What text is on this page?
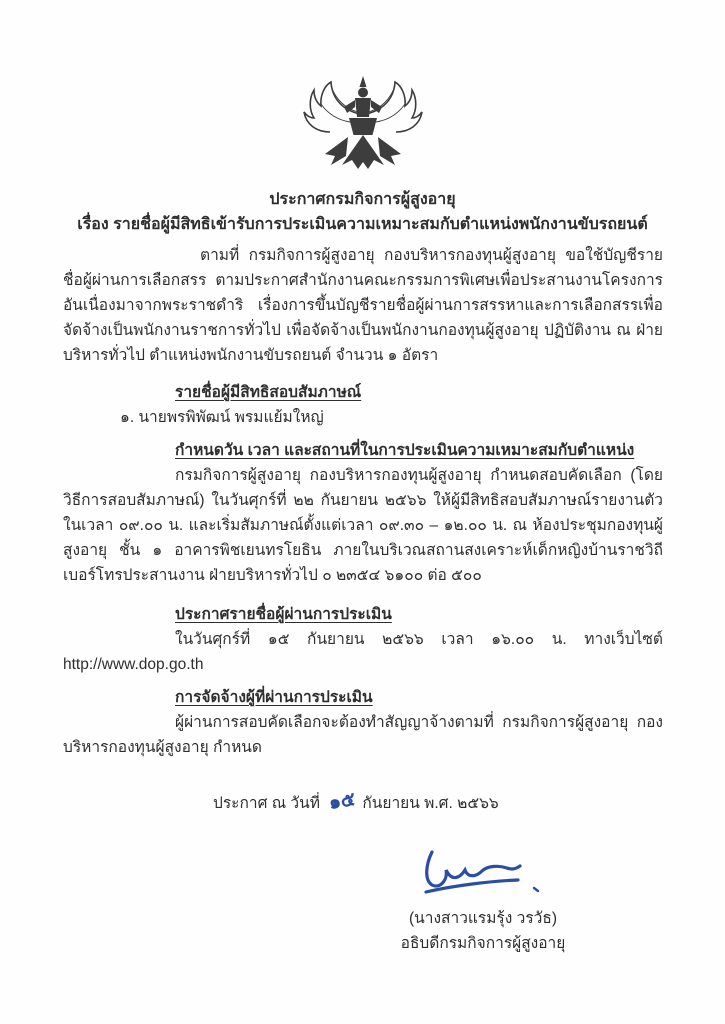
ประกาศกรมกิจการผู้สูงอายุ

เรื่อง รายชื่อผู้มีสิทธิเข้ารับการประเมินความเหมาะสมกับตำแหน่งพนักงานขับรถยนต์

ตามที่ กรมกิจการผู้สูงอายุ กองบริหารกองทุนผู้สูงอายุ ขอใช้บัญชีรายชื่อผู้ผ่านการเลือกสรร ตามประกาศสำนักงานคณะกรรมการพิเศษเพื่อประสานงานโครงการอันเนื่องมาจากพระราชดำริ เรื่องการขึ้นบัญชีรายชื่อผู้ผ่านการสรรหาและการเลือกสรรเพื่อจัดจ้างเป็นพนักงานราชการทั่วไป เพื่อจัดจ้างเป็นพนักงานกองทุนผู้สูงอายุ ปฏิบัติงาน ณ ฝ่ายบริหารทั่วไป ตำแหน่งพนักงานขับรถยนต์ จำนวน ๑ อัตรา

รายชื่อผู้มีสิทธิสอบสัมภาษณ์

๑. นายพรพิพัฒน์ พรมแย้มใหญ่

กำหนดวัน เวลา และสถานที่ในการประเมินความเหมาะสมกับตำแหน่ง

กรมกิจการผู้สูงอายุ กองบริหารกองทุนผู้สูงอายุ กำหนดสอบคัดเลือก (โดยวิธีการสอบสัมภาษณ์) ในวันศุกร์ที่ ๒๒ กันยายน ๒๕๖๖ ให้ผู้มีสิทธิสอบสัมภาษณ์รายงานตัว ในเวลา ๐๙.๐๐ น. และเริ่มสัมภาษณ์ตั้งแต่เวลา ๐๙.๓๐ – ๑๒.๐๐ น. ณ ห้องประชุมกองทุนผู้สูงอายุ ชั้น ๑ อาคารพิชเยนทรโยธิน ภายในบริเวณสถานสงเคราะห์เด็กหญิงบ้านราชวิถี เบอร์โทรประสานงาน ฝ่ายบริหารทั่วไป ๐ ๒๓๕๔ ๖๑๐๐ ต่อ ๕๐๐

ประกาศรายชื่อผู้ผ่านการประเมิน

ในวันศุกร์ที่ ๑๕ กันยายน ๒๕๖๖ เวลา ๑๖.๐๐ น. ทางเว็บไซต์ http://www.dop.go.th

การจัดจ้างผู้ที่ผ่านการประเมิน

ผู้ผ่านการสอบคัดเลือกจะต้องทำสัญญาจ้างตามที่ กรมกิจการผู้สูงอายุ กองบริหารกองทุนผู้สูงอายุ กำหนด

ประกาศ ณ วันที่ ๑๕ กันยายน พ.ศ. ๒๕๖๖

(นางสาวแรมรุ้ง วรวัธ)

อธิบดีกรมกิจการผู้สูงอายุ
